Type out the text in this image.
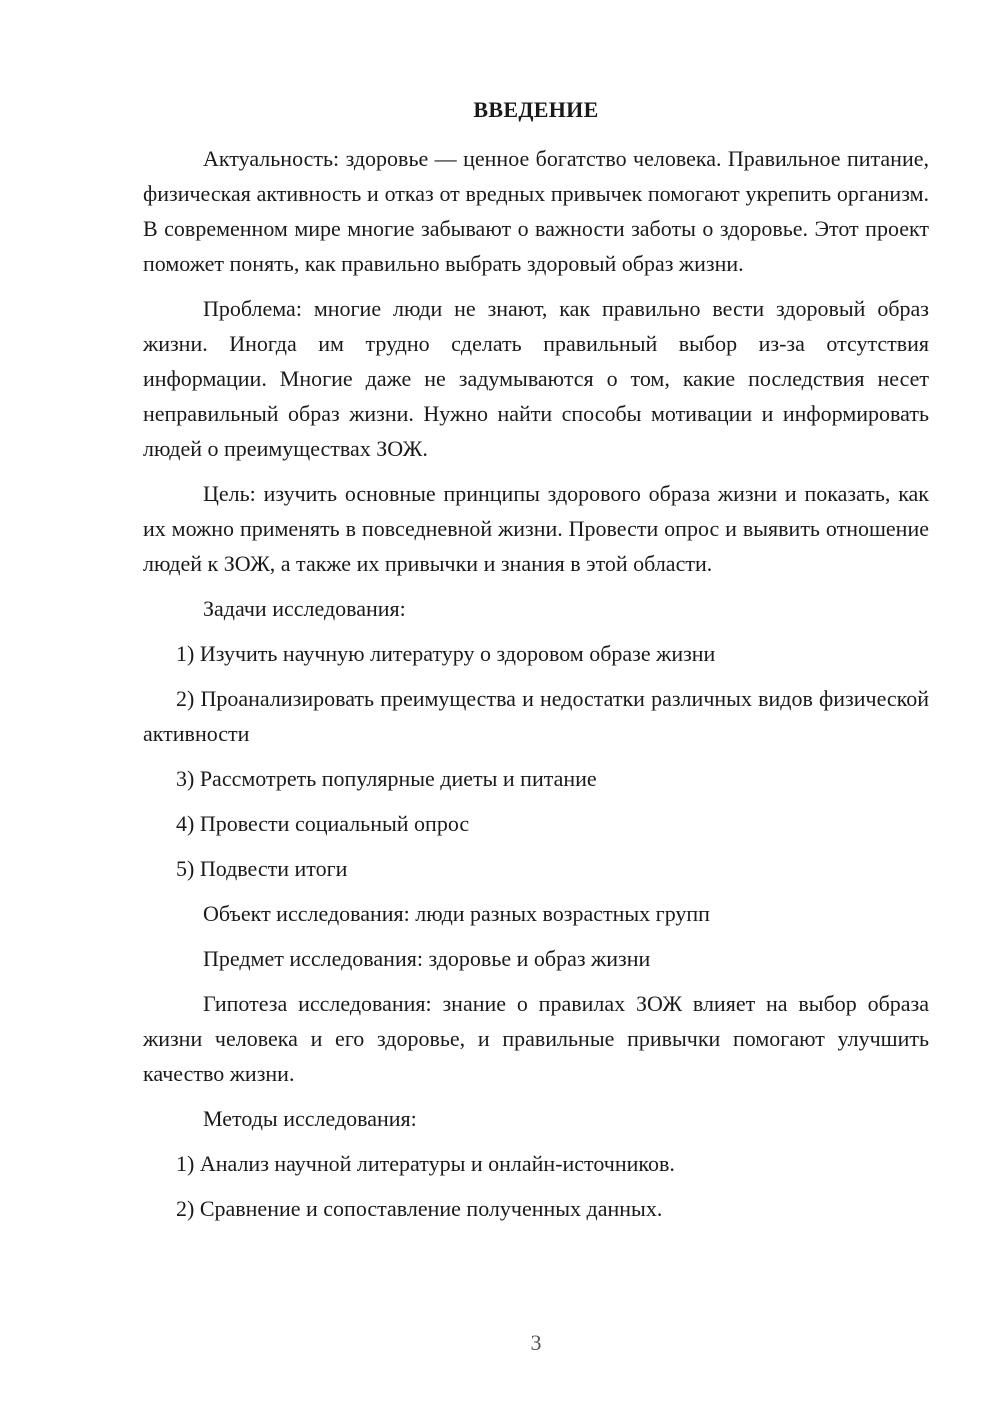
ВВЕДЕНИЕ

Актуальность: здоровье — ценное богатство человека. Правильное питание, физическая активность и отказ от вредных привычек помогают укрепить организм. В современном мире многие забывают о важности заботы о здоровье. Этот проект поможет понять, как правильно выбрать здоровый образ жизни.

Проблема: многие люди не знают, как правильно вести здоровый образ жизни. Иногда им трудно сделать правильный выбор из-за отсутствия информации. Многие даже не задумываются о том, какие последствия несет неправильный образ жизни. Нужно найти способы мотивации и информировать людей о преимуществах ЗОЖ.

Цель: изучить основные принципы здорового образа жизни и показать, как их можно применять в повседневной жизни. Провести опрос и выявить отношение людей к ЗОЖ, а также их привычки и знания в этой области.

Задачи исследования:

1) Изучить научную литературу о здоровом образе жизни

2) Проанализировать преимущества и недостатки различных видов физической активности

3) Рассмотреть популярные диеты и питание

4) Провести социальный опрос

5) Подвести итоги

Объект исследования: люди разных возрастных групп

Предмет исследования: здоровье и образ жизни

Гипотеза исследования: знание о правилах ЗОЖ влияет на выбор образа жизни человека и его здоровье, и правильные привычки помогают улучшить качество жизни.

Методы исследования:

1) Анализ научной литературы и онлайн-источников.

2) Сравнение и сопоставление полученных данных.

3
